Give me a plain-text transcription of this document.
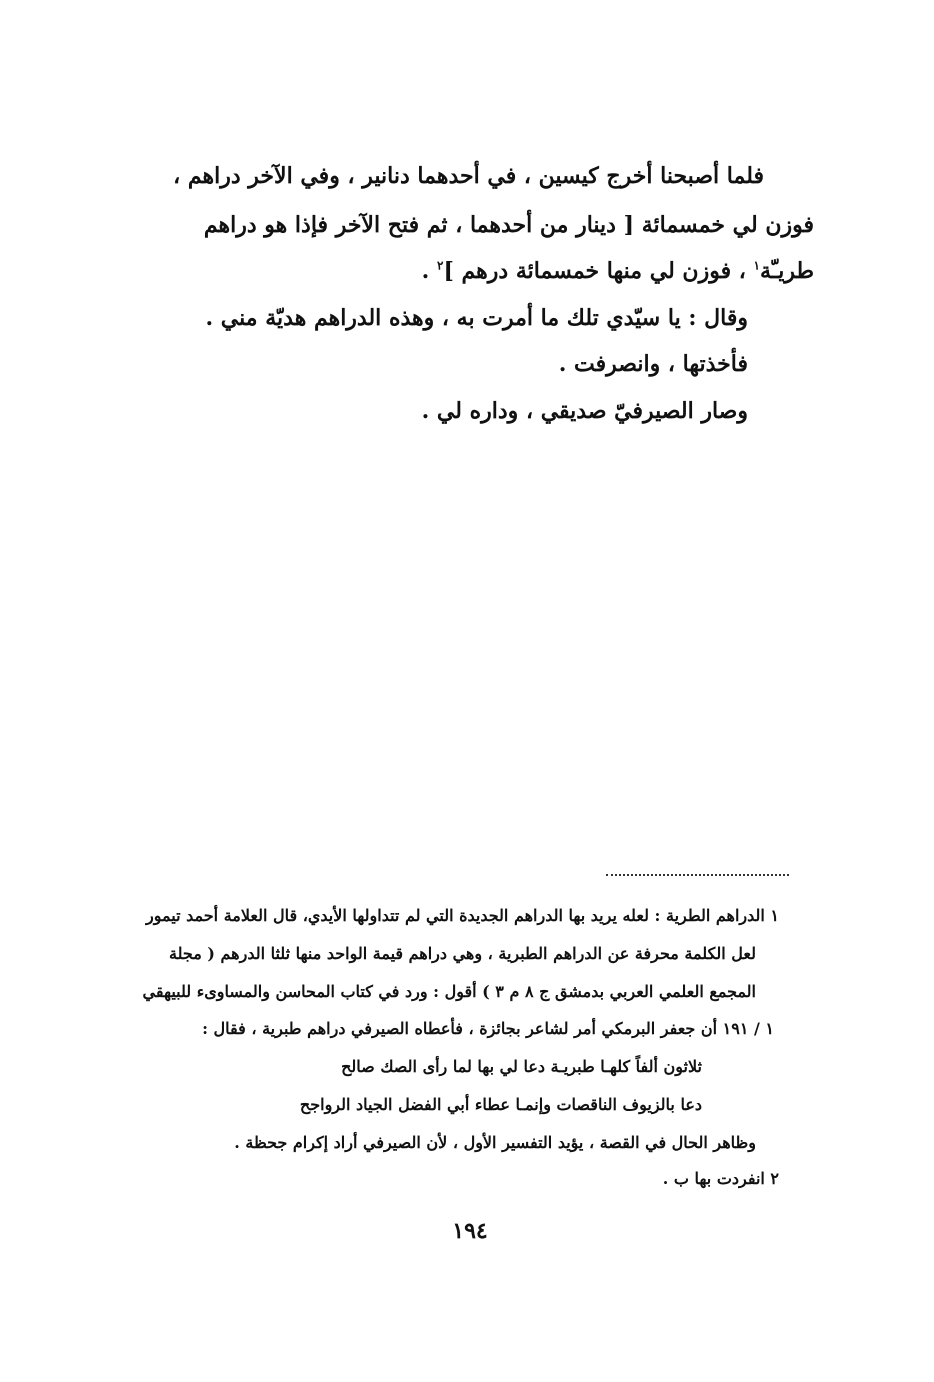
فلما أصبحنا أخرج كيسين ، في أحدهما دنانير ، وفي الآخر دراهم ،
فوزن لي خمسمائة [ دينار من أحدهما ، ثم فتح الآخر فإذا هو دراهم
طريـّة$^١$ ، فوزن لي منها خمسمائة درهم ]$^٢$ .
وقال : يا سيّدي تلك ما أمرت به ، وهذه الدراهم هديّة مني .
فأخذتها ، وانصرفت .
وصار الصيرفيّ صديقي ، وداره لي .
١ الدراهم الطرية : لعله يريد بها الدراهم الجديدة التي لم تتداولها الأيدي، قال العلامة أحمد تيمور
لعل الكلمة محرفة عن الدراهم الطبرية ، وهي دراهم قيمة الواحد منها ثلثا الدرهم ( مجلة
المجمع العلمي العربي بدمشق ج ٨ م ٣ ) أقول : ورد في كتاب المحاسن والمساوىء للبيهقي
١ / ١٩١ أن جعفر البرمكي أمر لشاعر بجائزة ، فأعطاه الصيرفي دراهم طبرية ، فقال :
ثلاثون ألفاً كلهـا طبريـة دعا لي بها لما رأى الصك صالح
دعا بالزيوف الناقصات وإنمـا عطاء أبي الفضل الجياد الرواجح
وظاهر الحال في القصة ، يؤيد التفسير الأول ، لأن الصيرفي أراد إكرام جحظة .
٢ انفردت بها ب .
١٩٤
